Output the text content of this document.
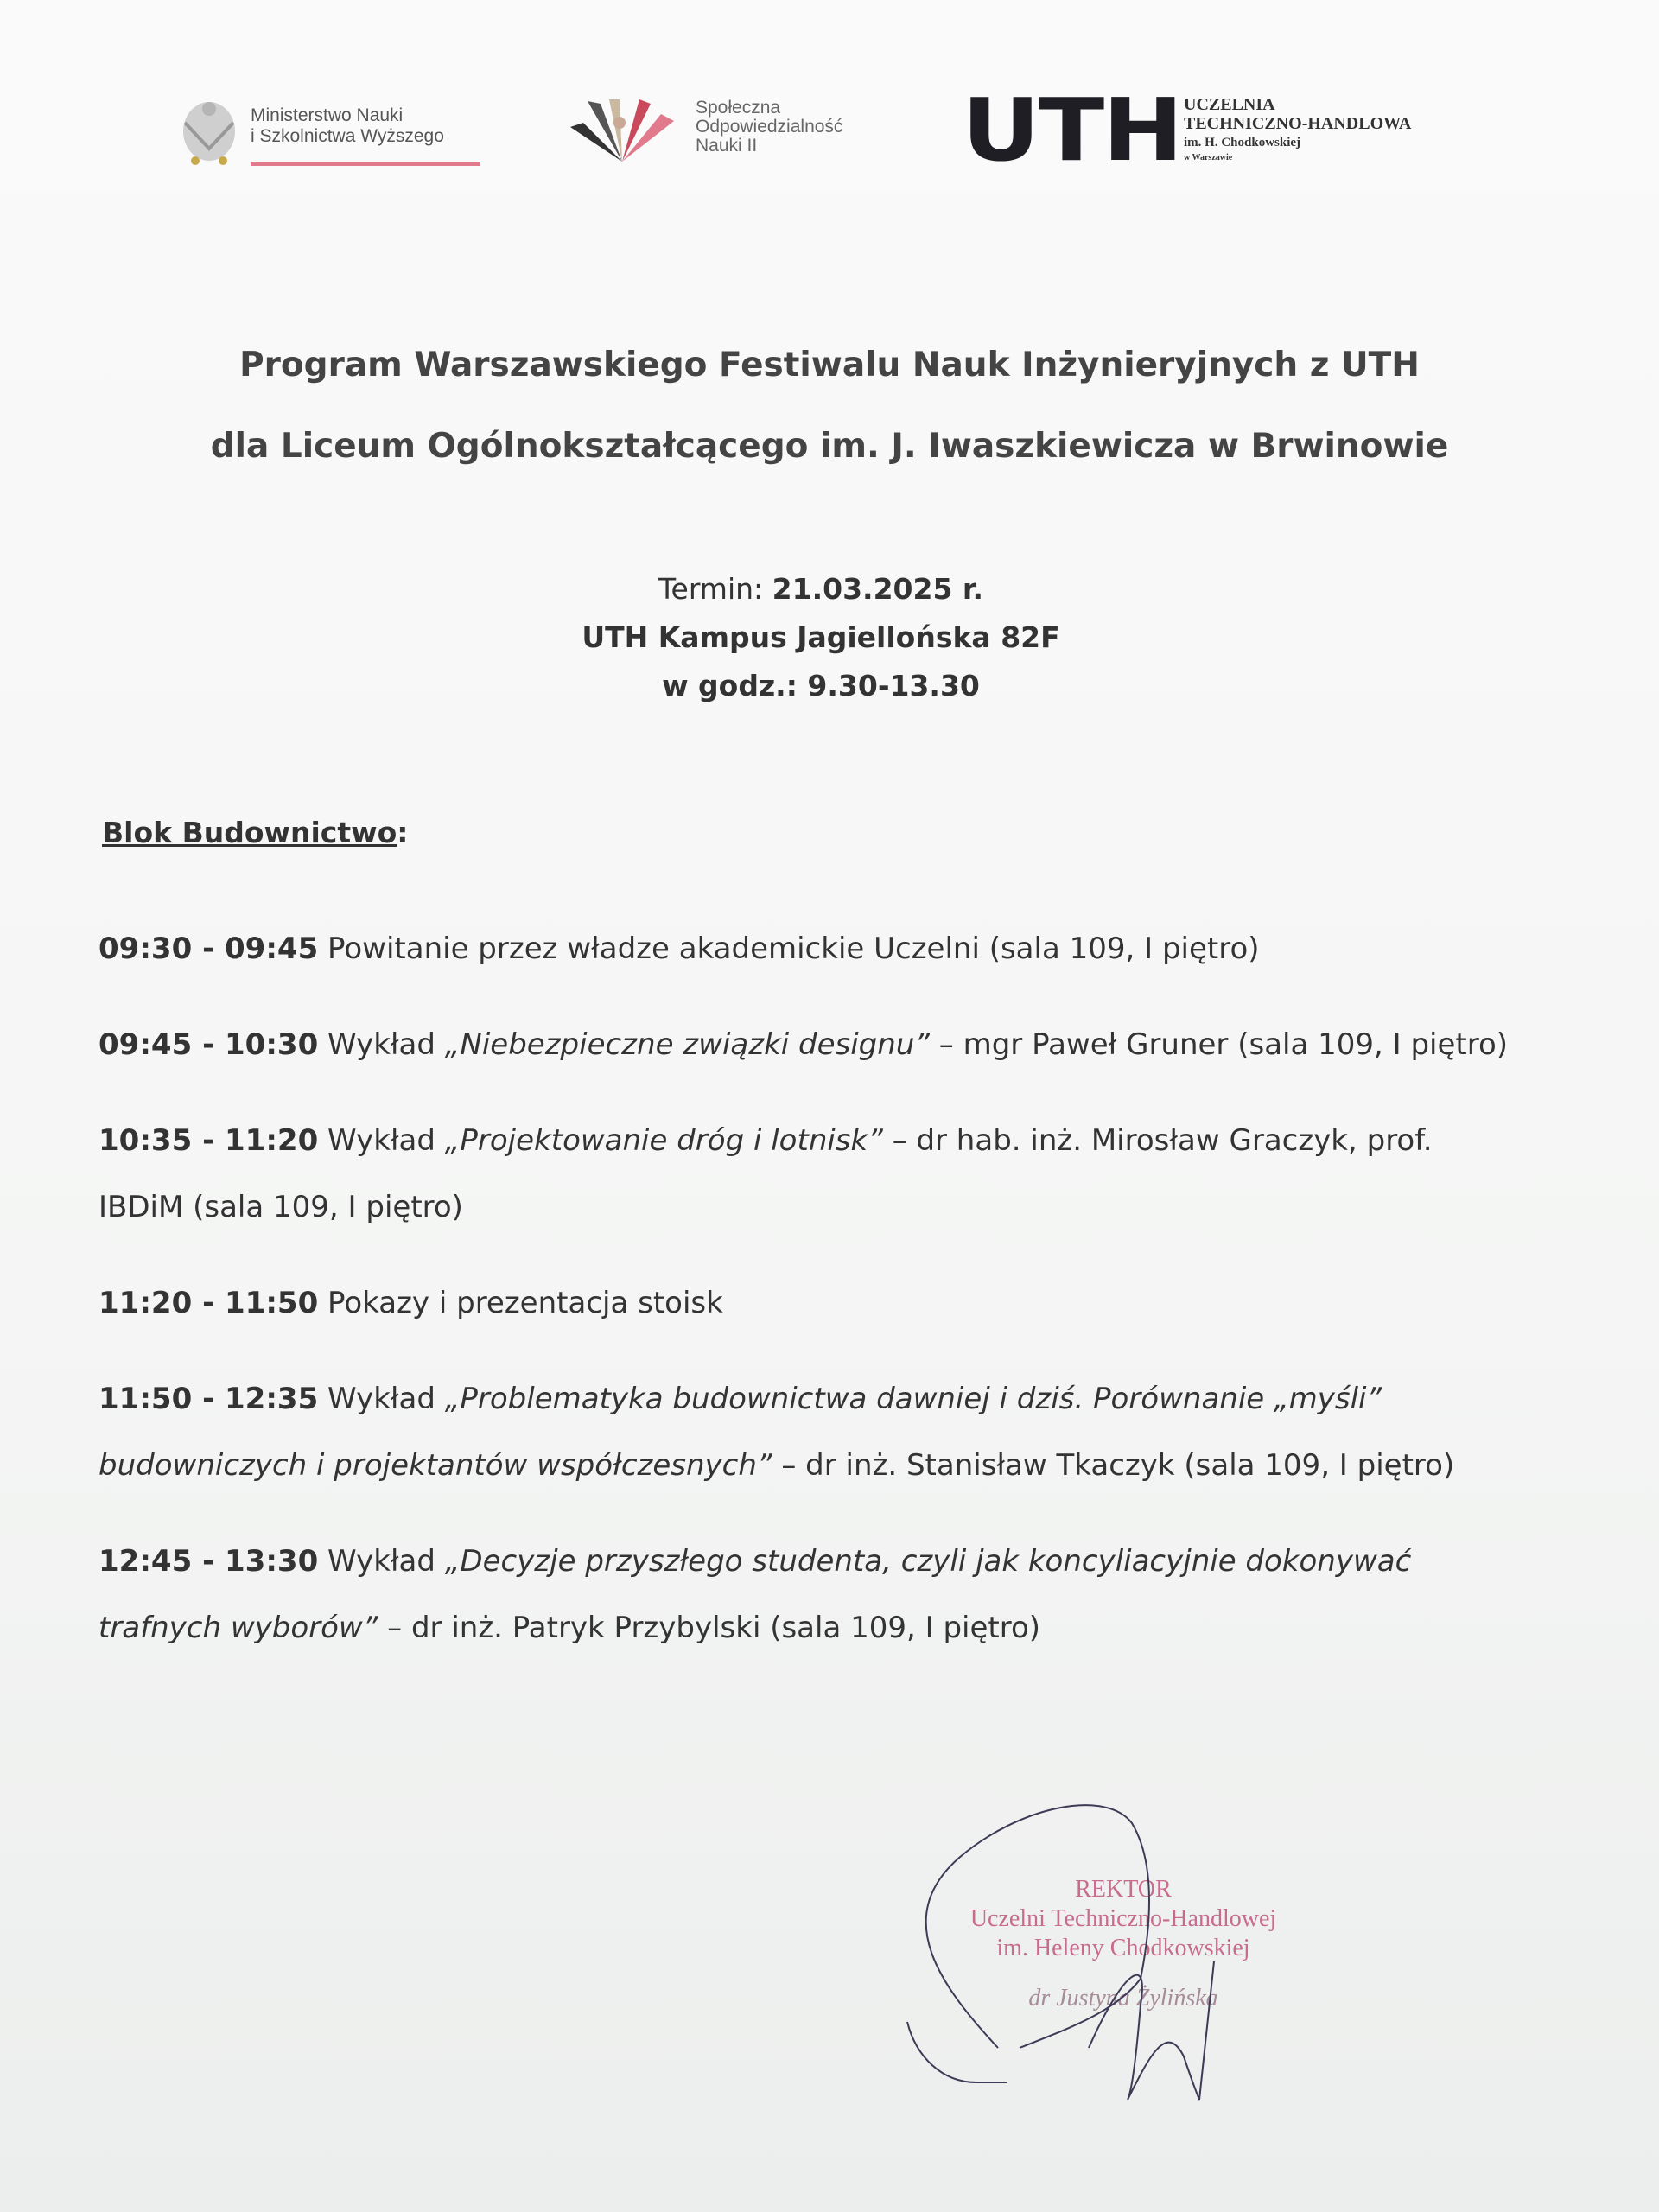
Ministerstwo Nauki
i Szkolnictwa Wyższego
Społeczna
Odpowiedzialność
Nauki II	UTH UCZELNIA
TECHNICZNO-HANDLOWA
im. H. Chodkowskiej
w Warszawie
Program Warszawskiego Festiwalu Nauk Inżynieryjnych z UTH
dla Liceum Ogólnokształcącego im. J. Iwaszkiewicza w Brwinowie
Termin: 21.03.2025 r.
UTH Kampus Jagiellońska 82F
w godz.: 9.30-13.30
Blok Budownictwo:
09:30 - 09:45 Powitanie przez władze akademickie Uczelni (sala 109, I piętro)
09:45 - 10:30 Wykład „Niebezpieczne związki designu” – mgr Paweł Gruner (sala 109, I piętro)
10:35 - 11:20 Wykład „Projektowanie dróg i lotnisk” – dr hab. inż. Mirosław Graczyk, prof. IBDiM (sala 109, I piętro)
11:20 - 11:50 Pokazy i prezentacja stoisk
11:50 - 12:35 Wykład „Problematyka budownictwa dawniej i dziś. Porównanie „myśli” budowniczych i projektantów współczesnych” – dr inż. Stanisław Tkaczyk (sala 109, I piętro)
12:45 - 13:30 Wykład „Decyzje przyszłego studenta, czyli jak koncyliacyjnie dokonywać trafnych wyborów” – dr inż. Patryk Przybylski (sala 109, I piętro)
REKTOR
Uczelni Techniczno-Handlowej
im. Heleny Chodkowskiej
dr Justyna Żylińska
